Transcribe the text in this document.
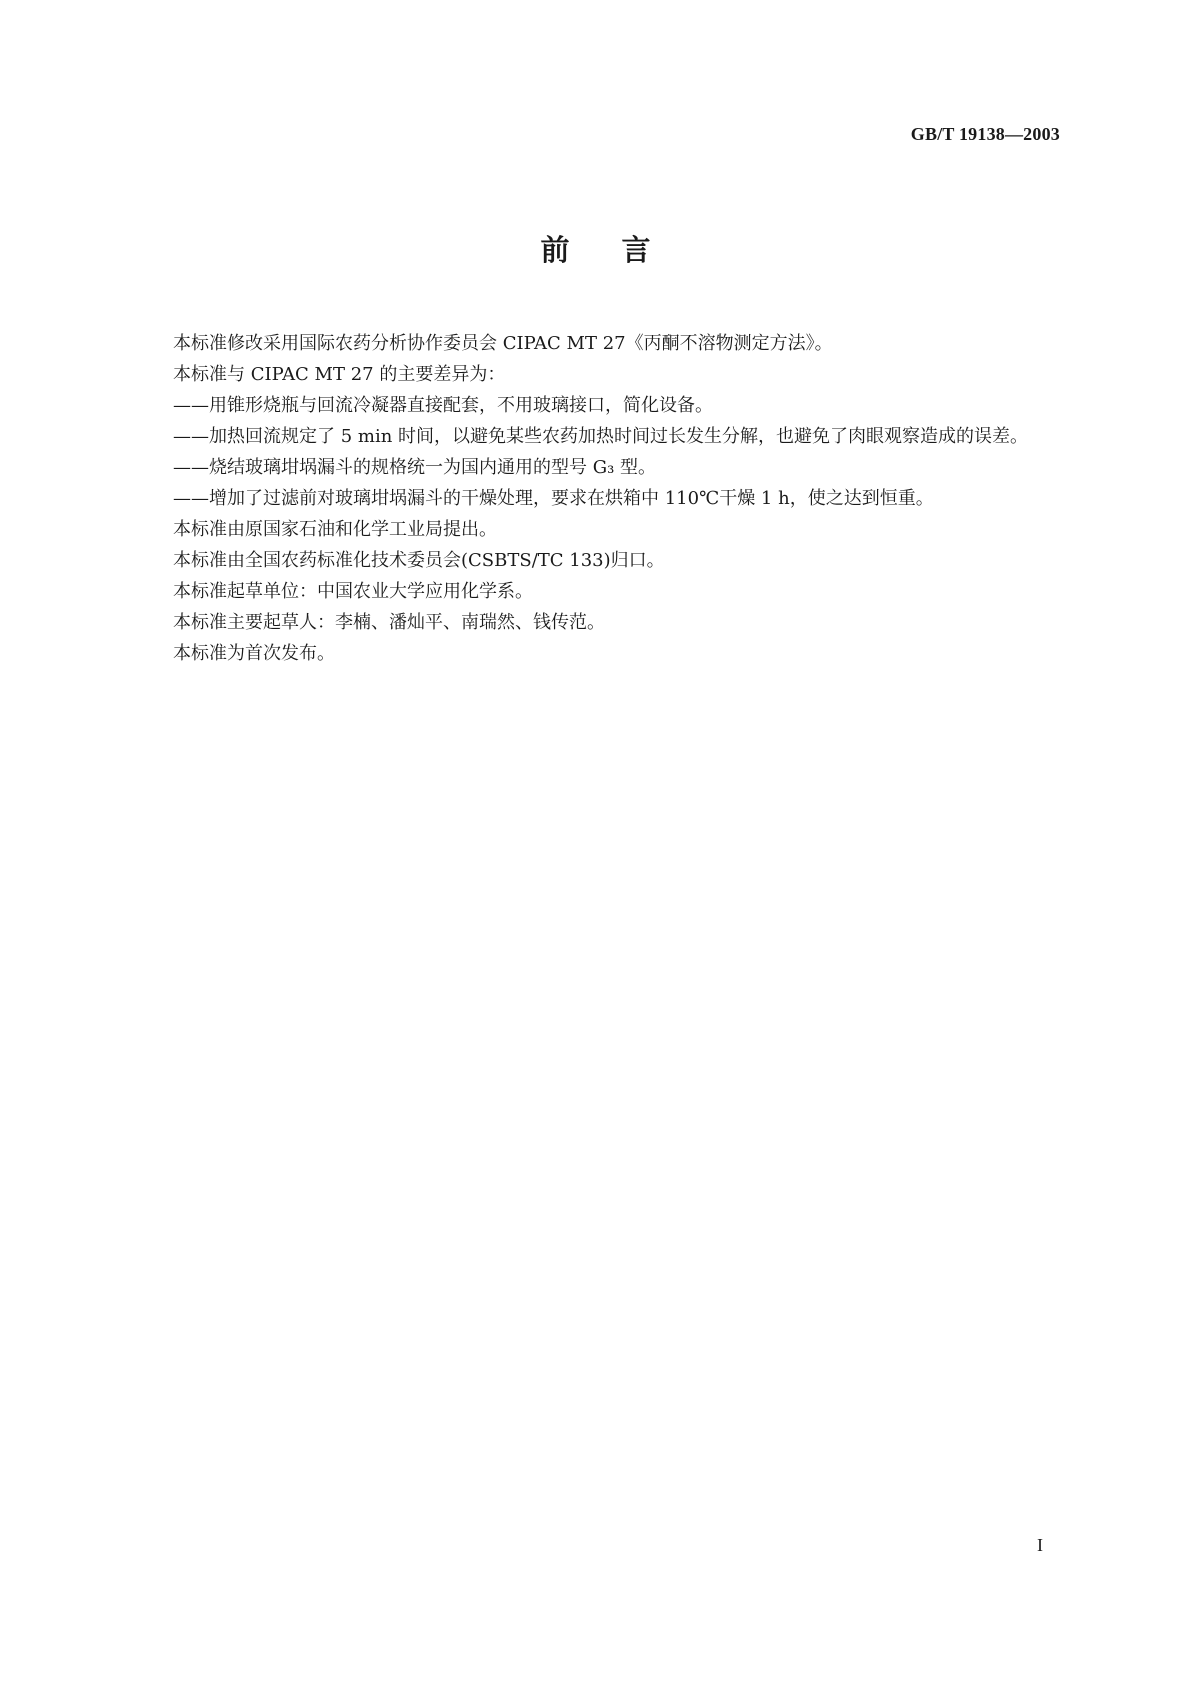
GB/T 19138—2003
前言

本标准修改采用国际农药分析协作委员会 CIPAC MT 27《丙酮不溶物测定方法》。

本标准与 CIPAC MT 27 的主要差异为：

——用锥形烧瓶与回流冷凝器直接配套，不用玻璃接口，简化设备。

——加热回流规定了 5 min 时间，以避免某些农药加热时间过长发生分解，也避免了肉眼观察造成的误差。

——烧结玻璃坩埚漏斗的规格统一为国内通用的型号 G₃ 型。

——增加了过滤前对玻璃坩埚漏斗的干燥处理，要求在烘箱中 110℃干燥 1 h，使之达到恒重。

本标准由原国家石油和化学工业局提出。

本标准由全国农药标准化技术委员会(CSBTS/TC 133)归口。

本标准起草单位：中国农业大学应用化学系。

本标准主要起草人：李楠、潘灿平、南瑞然、钱传范。

本标准为首次发布。

I
